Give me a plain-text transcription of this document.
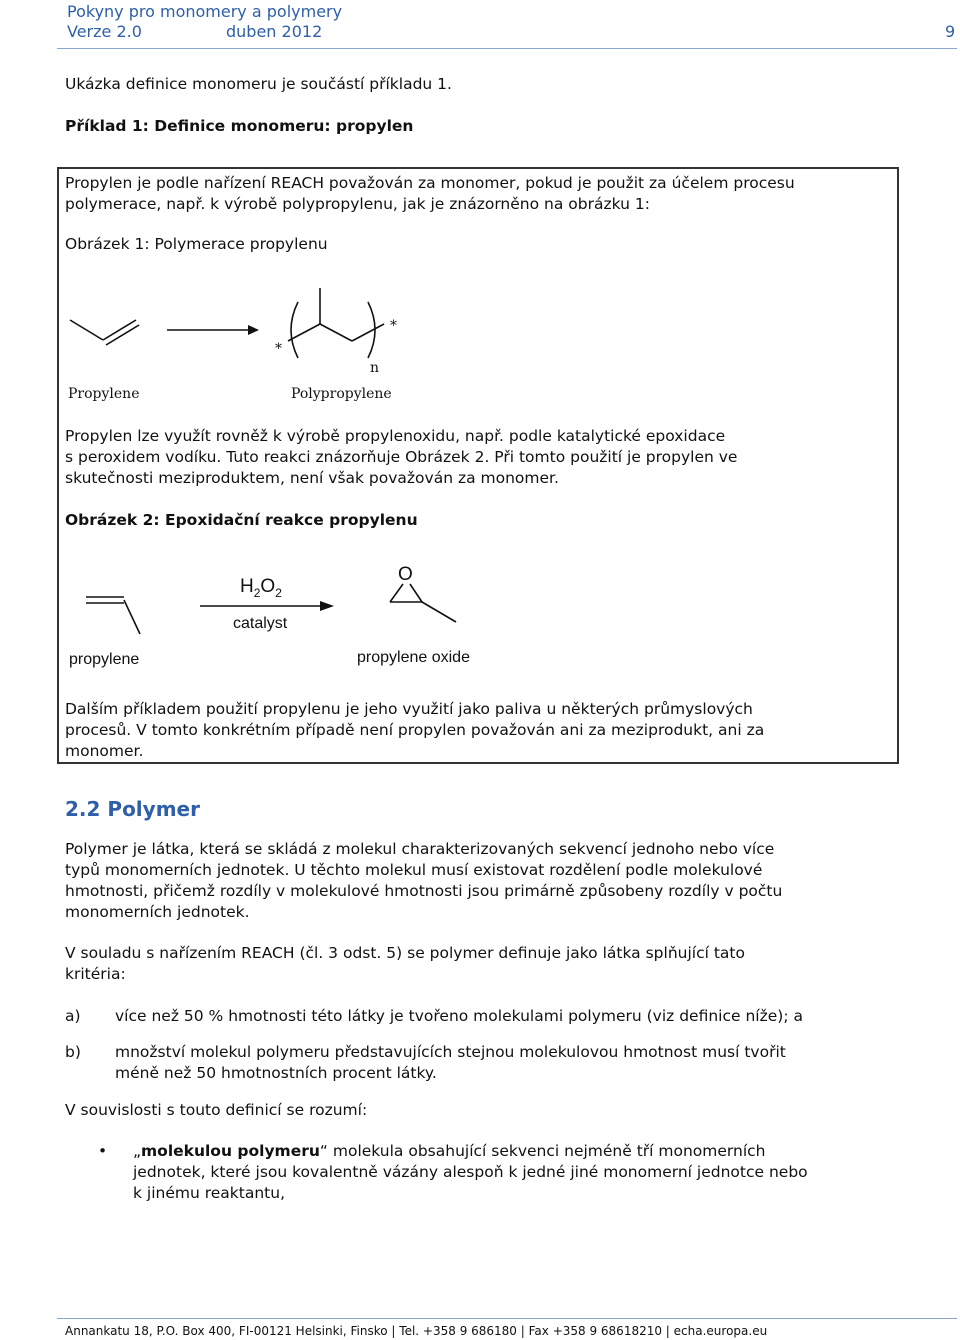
Pokyny pro monomery a polymery
Verze 2.0	duben 2012	9
Ukázka definice monomeru je součástí příkladu 1.
Příklad 1: Definice monomeru: propylen
Propylen je podle nařízení REACH považován za monomer, pokud je použit za účelem procesu
polymerace, např. k výrobě polypropylenu, jak je znázorněno na obrázku 1:
Obrázek 1: Polymerace propylenu
*
*
n
Propylene	Polypropylene
Propylen lze využít rovněž k výrobě propylenoxidu, např. podle katalytické epoxidace
s peroxidem vodíku. Tuto reakci znázorňuje Obrázek 2. Při tomto použití je propylen ve
skutečnosti meziproduktem, není však považován za monomer.
Obrázek 2: Epoxidační reakce propylenu
$H_2O_2$
catalyst
O
propylene	propylene oxide
Dalším příkladem použití propylenu je jeho využití jako paliva u některých průmyslových
procesů. V tomto konkrétním případě není propylen považován ani za meziprodukt, ani za
monomer.
2.2 Polymer
Polymer je látka, která se skládá z molekul charakterizovaných sekvencí jednoho nebo více
typů monomerních jednotek. U těchto molekul musí existovat rozdělení podle molekulové
hmotnosti, přičemž rozdíly v molekulové hmotnosti jsou primárně způsobeny rozdíly v počtu
monomerních jednotek.
V souladu s nařízením REACH (čl. 3 odst. 5) se polymer definuje jako látka splňující tato
kritéria:
a) více než 50 % hmotnosti této látky je tvořeno molekulami polymeru (viz definice níže); a
b) množství molekul polymeru představujících stejnou molekulovou hmotnost musí tvořit
méně než 50 hmotnostních procent látky.
V souvislosti s touto definicí se rozumí:
• „molekulou polymeru“ molekula obsahující sekvenci nejméně tří monomerních
jednotek, které jsou kovalentně vázány alespoň k jedné jiné monomerní jednotce nebo
k jinému reaktantu,
Annankatu 18, P.O. Box 400, FI-00121 Helsinki, Finsko | Tel. +358 9 686180 | Fax +358 9 68618210 | echa.europa.eu
